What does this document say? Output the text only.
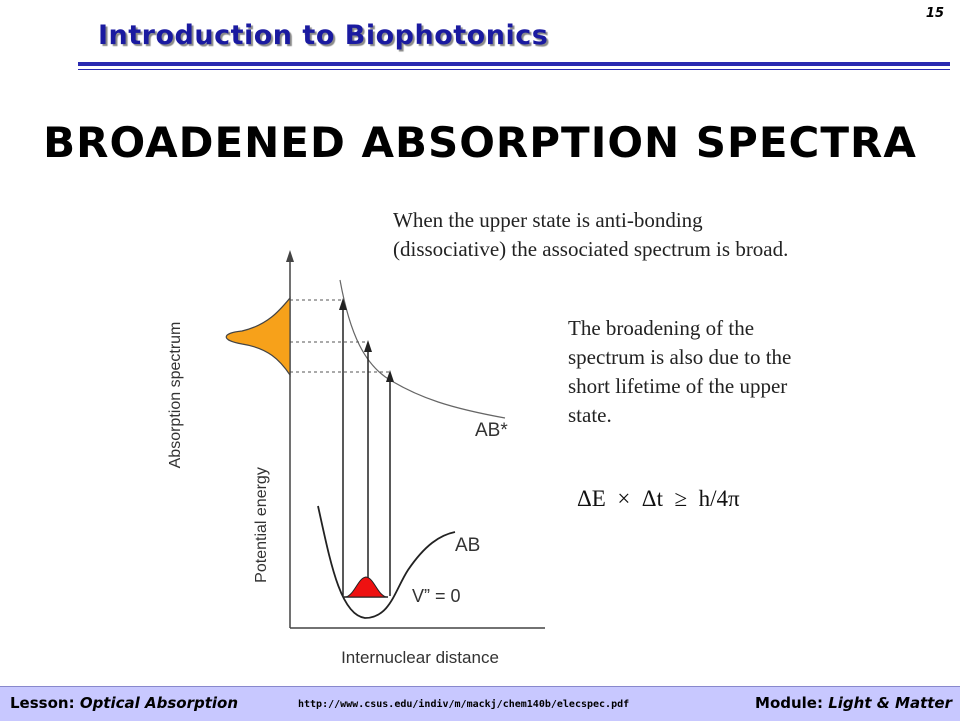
Introduction to Biophotonics
15
BROADENED ABSORPTION SPECTRA
Absorption spectrum
Potential energy
Internuclear distance
AB*
AB
V” = 0
When the upper state is anti-bonding (dissociative) the associated spectrum is broad.
The broadening of the spectrum is also due to the short lifetime of the upper state.
ΔE  ×  Δt  ≥  h/4π
Lesson: Optical Absorption	http://www.csus.edu/indiv/m/mackj/chem140b/elecspec.pdf	Module: Light & Matter
